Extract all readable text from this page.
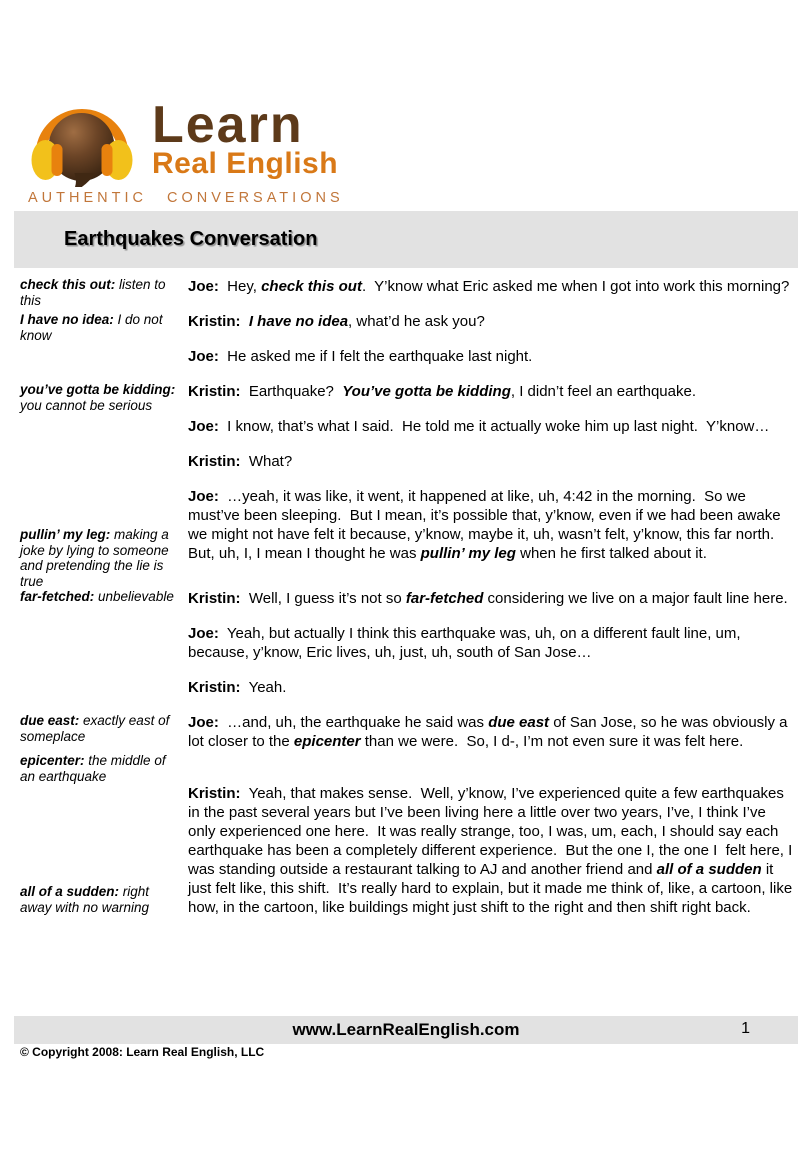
Learn
Real English
AUTHENTIC CONVERSATIONS
Earthquakes Conversation
check this out: listen to this

Joe:  Hey, check this out.  Y’know what Eric asked me when I got into work this morning?

I have no idea: I do not know

Kristin: I have no idea, what’d he ask you?

Joe:  He asked me if I felt the earthquake last night.

you’ve gotta be kidding: you cannot be serious

Kristin:  Earthquake?  You’ve gotta be kidding, I didn’t feel an earthquake.

Joe:  I know, that’s what I said.  He told me it actually woke him up last night.  Y’know…

Kristin:  What?

pullin’ my leg: making a joke by lying to someone and pretending the lie is true

Joe:  …yeah, it was like, it went, it happened at like, uh, 4:42 in the morning.  So we must’ve been sleeping.  But I mean, it’s possible that, y’know, even if we had been awake we might not have felt it because, y’know, maybe it, uh, wasn’t felt, y’know, this far north.  But, uh, I, I mean I thought he was pullin’ my leg when he first talked about it.

far-fetched: unbelievable Kristin:  Well, I guess it’s not so far-fetched considering we live on a major fault line here.

Joe:  Yeah, but actually I think this earthquake was, uh, on a different fault line, um, because, y’know, Eric lives, uh, just, uh, south of San Jose…

Kristin:  Yeah.

due east: exactly east of someplace
epicenter: the middle of an earthquake

Joe:  …and, uh, the earthquake he said was due east of San Jose, so he was obviously a lot closer to the epicenter than we were.  So, I d-, I’m not even sure it was felt here.

all of a sudden: right away with no warning

Kristin:  Yeah, that makes sense.  Well, y’know, I’ve experienced quite a few earthquakes in the past several years but I’ve been living here a little over two years, I’ve, I think I’ve only experienced one here.  It was really strange, too, I was, um, each, I should say each earthquake has been a completely different experience.  But the one I, the one I  felt here, I was standing outside a restaurant talking to AJ and another friend and all of a sudden it just felt like, this shift.  It’s really hard to explain, but it made me think of, like, a cartoon, like how, in the cartoon, like buildings might just shift to the right and then shift right back.

www.LearnRealEnglish.com	1
© Copyright 2008: Learn Real English, LLC
